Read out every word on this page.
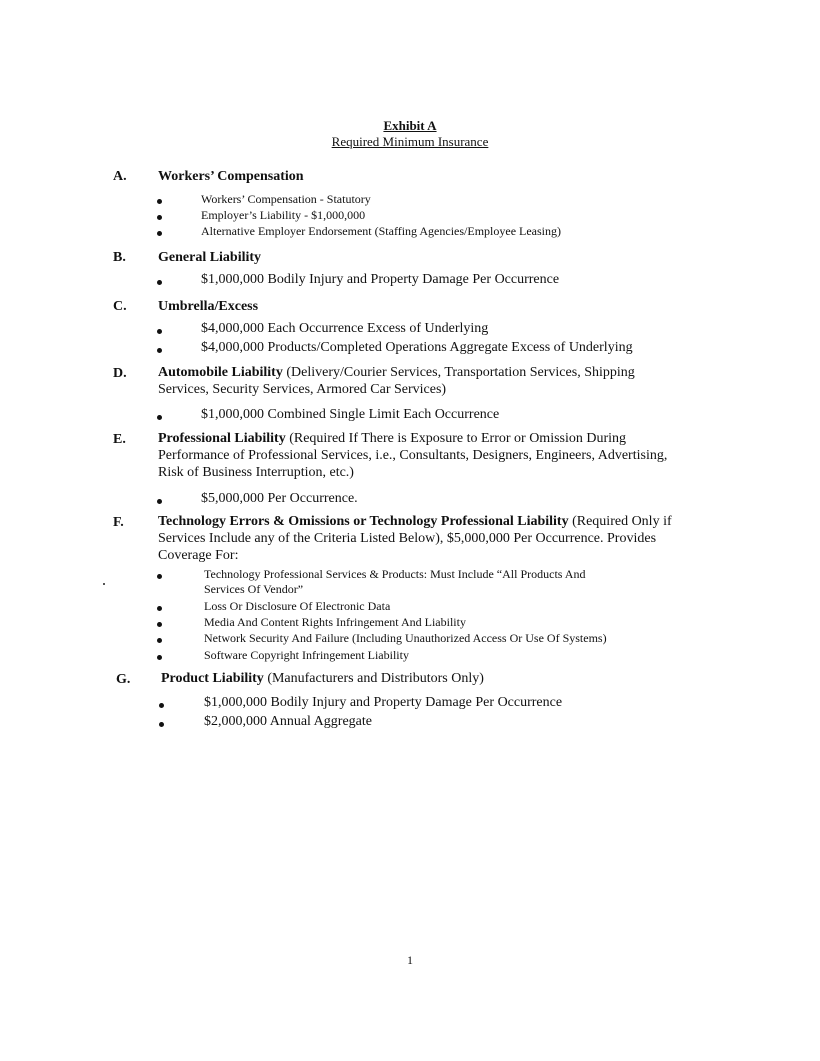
Exhibit A
Required Minimum Insurance
A. Workers’ Compensation
Workers’ Compensation - Statutory
Employer’s Liability - $1,000,000
Alternative Employer Endorsement (Staffing Agencies/Employee Leasing)
B. General Liability
$1,000,000 Bodily Injury and Property Damage Per Occurrence
C. Umbrella/Excess
$4,000,000 Each Occurrence Excess of Underlying
$4,000,000 Products/Completed Operations Aggregate Excess of Underlying
D. Automobile Liability (Delivery/Courier Services, Transportation Services, Shipping
Services, Security Services, Armored Car Services)
$1,000,000 Combined Single Limit Each Occurrence
E. Professional Liability (Required If There is Exposure to Error or Omission During
Performance of Professional Services, i.e., Consultants, Designers, Engineers, Advertising,
Risk of Business Interruption, etc.)
$5,000,000 Per Occurrence.
F. Technology Errors & Omissions or Technology Professional Liability (Required Only if
Services Include any of the Criteria Listed Below), $5,000,000 Per Occurrence. Provides
Coverage For:
Technology Professional Services & Products: Must Include “All Products And
Services Of Vendor”
Loss Or Disclosure Of Electronic Data
Media And Content Rights Infringement And Liability
Network Security And Failure (Including Unauthorized Access Or Use Of Systems)
Software Copyright Infringement Liability
G. Product Liability (Manufacturers and Distributors Only)
$1,000,000 Bodily Injury and Property Damage Per Occurrence
$2,000,000 Annual Aggregate
1
